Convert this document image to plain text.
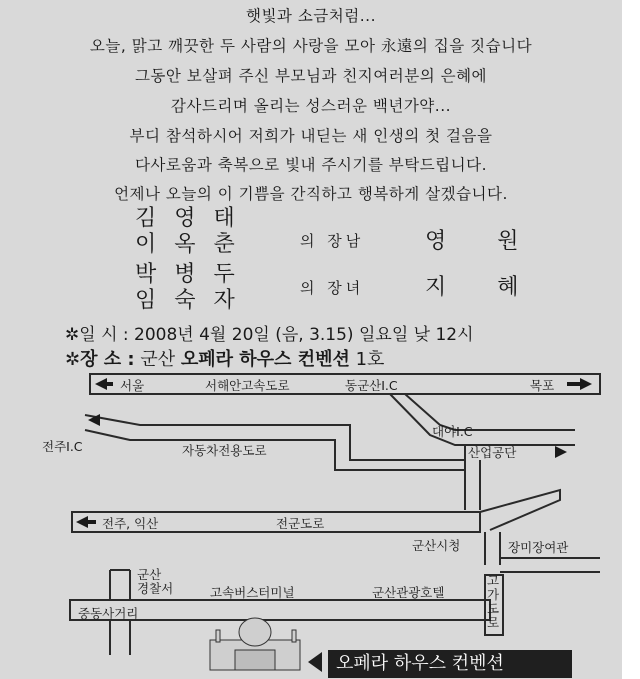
햇빛과 소금처럼...
오늘, 맑고 깨끗한 두 사람의 사랑을 모아 永遠의 집을 짓습니다
그동안 보살펴 주신 부모님과 친지여러분의 은혜에
감사드리며 올리는 성스러운 백년가약...
부디 참석하시어 저희가 내딛는 새 인생의 첫 걸음을
다사로움과 축복으로 빛내 주시기를 부탁드립니다.
언제나 오늘의 이 기쁨을 간직하고 행복하게 살겠습니다.
김영태
이옥춘	의 장남	영 원
박병두
임숙자	의 장녀	지 혜
✲일 시 : 2008년 4월 20일 (음, 3.15) 일요일 낮 12시
✲장 소 : 군산 오페라 하우스 컨벤션 1호
서울	서해안고속도로	동군산I.C	목포
대야I.C
전주I.C	자동차전용도로	산업공단
전주, 익산	전군도로
군산시청	장미장여관
군산
경찰서	고속버스터미널	군산관광호텔
고가도로
중동사거리
오페라 하우스 컨벤션
